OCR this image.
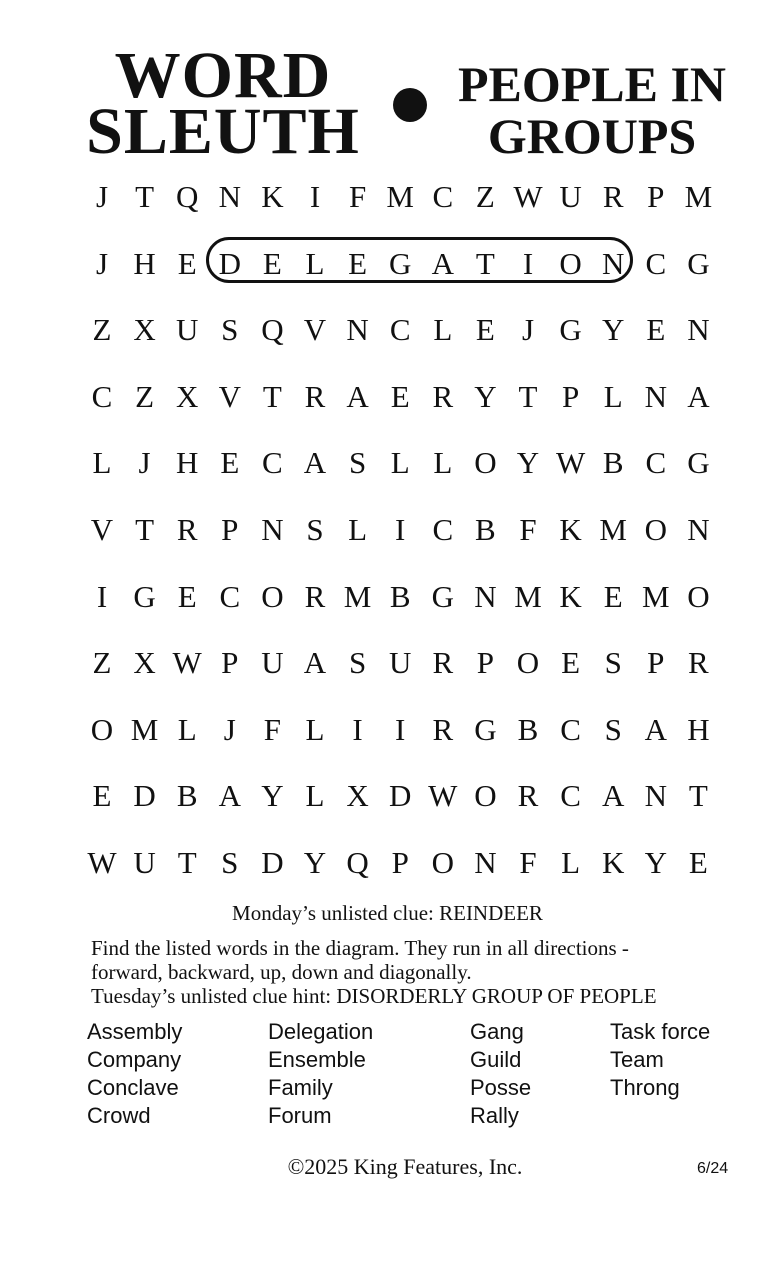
WORD
SLEUTH
PEOPLE IN
GROUPS
J T Q N K I F M C Z W U R P M
J H E D E L E G A T I O N C G
Z X U S Q V N C L E J G Y E N
C Z X V T R A E R Y T P L N A
L J H E C A S L L O Y W B C G
V T R P N S L I C B F K M O N
I G E C O R M B G N M K E M O
Z X W P U A S U R P O E S P R
O M L J F L I	I R G B C S A H
E D B A Y L X D W O R C A N T
W U T S D Y Q P O N F L K Y E
Monday’s unlisted clue: REINDEER
Find the listed words in the diagram. They run in all directions -
forward, backward, up, down and diagonally.
Tuesday’s unlisted clue hint: DISORDERLY GROUP OF PEOPLE
Assembly
Company
Conclave
Crowd
Delegation
Ensemble
Family
Forum
Gang
Guild
Posse
Rally
Task force
Team
Throng
©2025 King Features, Inc.	6/24
